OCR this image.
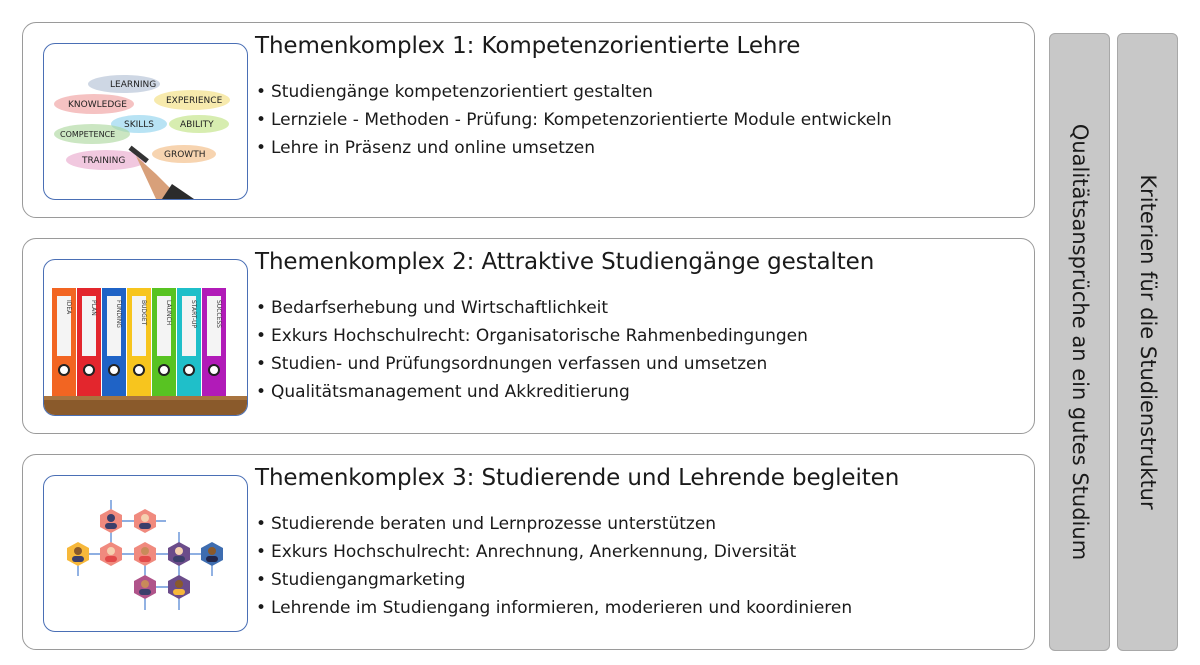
LEARNING
KNOWLEDGE	EXPERIENCE
SKILLS	ABILITY
COMPETENCE
TRAINING
GROWTH
Themenkomplex 1: Kompetenzorientierte Lehre
• Studiengänge kompetenzorientiert gestalten
• Lernziele - Methoden - Prüfung: Kompetenzorientierte Module entwickeln
• Lehre in Präsenz und online umsetzen
IDEA	PLAN	FUNDING	BUDGET	LAUNCH	START-UP	SUCCESS
Themenkomplex 2: Attraktive Studiengänge gestalten
• Bedarfserhebung und Wirtschaftlichkeit
• Exkurs Hochschulrecht: Organisatorische Rahmenbedingungen
• Studien- und Prüfungsordnungen verfassen und umsetzen
• Qualitätsmanagement und Akkreditierung
Themenkomplex 3: Studierende und Lehrende begleiten
• Studierende beraten und Lernprozesse unterstützen
• Exkurs Hochschulrecht: Anrechnung, Anerkennung, Diversität
• Studiengangmarketing
• Lehrende im Studiengang informieren, moderieren und koordinieren
Qualitätsansprüche an ein gutes Studium Kriterien für die Studienstruktur
